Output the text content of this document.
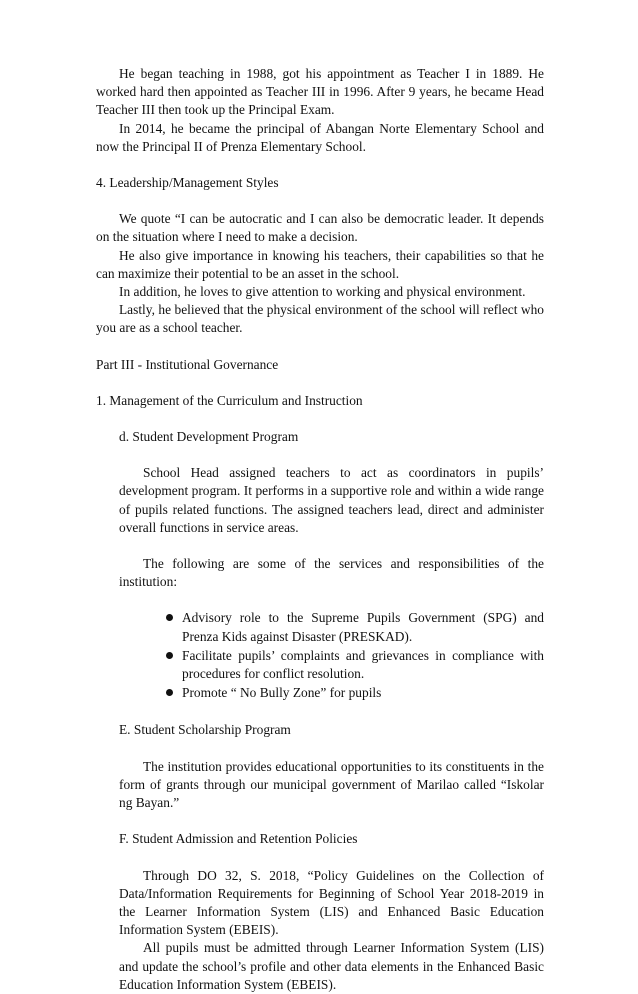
He began teaching in 1988, got his appointment as Teacher I in 1889. He worked hard then appointed as Teacher III in 1996. After 9 years, he became Head Teacher III then took up the Principal Exam.

In 2014, he became the principal of Abangan Norte Elementary School and now the Principal II of Prenza Elementary School.

4. Leadership/Management Styles

We quote “I can be autocratic and I can also be democratic leader. It depends on the situation where I need to make a decision.

He also give importance in knowing his teachers, their capabilities so that he can maximize their potential to be an asset in the school.

In addition, he loves to give attention to working and physical environment.

Lastly, he believed that the physical environment of the school will reflect who you are as a school teacher.

Part III - Institutional Governance

1. Management of the Curriculum and Instruction

d. Student Development Program

School Head assigned teachers to act as coordinators in pupils’ development program. It performs in a supportive role and within a wide range of pupils related functions. The assigned teachers lead, direct and administer overall functions in service areas.

The following are some of the services and responsibilities of the institution:

Advisory role to the Supreme Pupils Government (SPG) and Prenza Kids against Disaster (PRESKAD).
Facilitate pupils’ complaints and grievances in compliance with procedures for conflict resolution.
Promote “ No Bully Zone” for pupils

E. Student Scholarship Program

The institution provides educational opportunities to its constituents in the form of grants through our municipal government of Marilao called “Iskolar ng Bayan.”

F. Student Admission and Retention Policies

Through DO 32, S. 2018, “Policy Guidelines on the Collection of Data/Information Requirements for Beginning of School Year 2018-2019 in the Learner Information System (LIS) and Enhanced Basic Education Information System (EBEIS).

All pupils must be admitted through Learner Information System (LIS) and update the school’s profile and other data elements in the Enhanced Basic Education Information System (EBEIS).
